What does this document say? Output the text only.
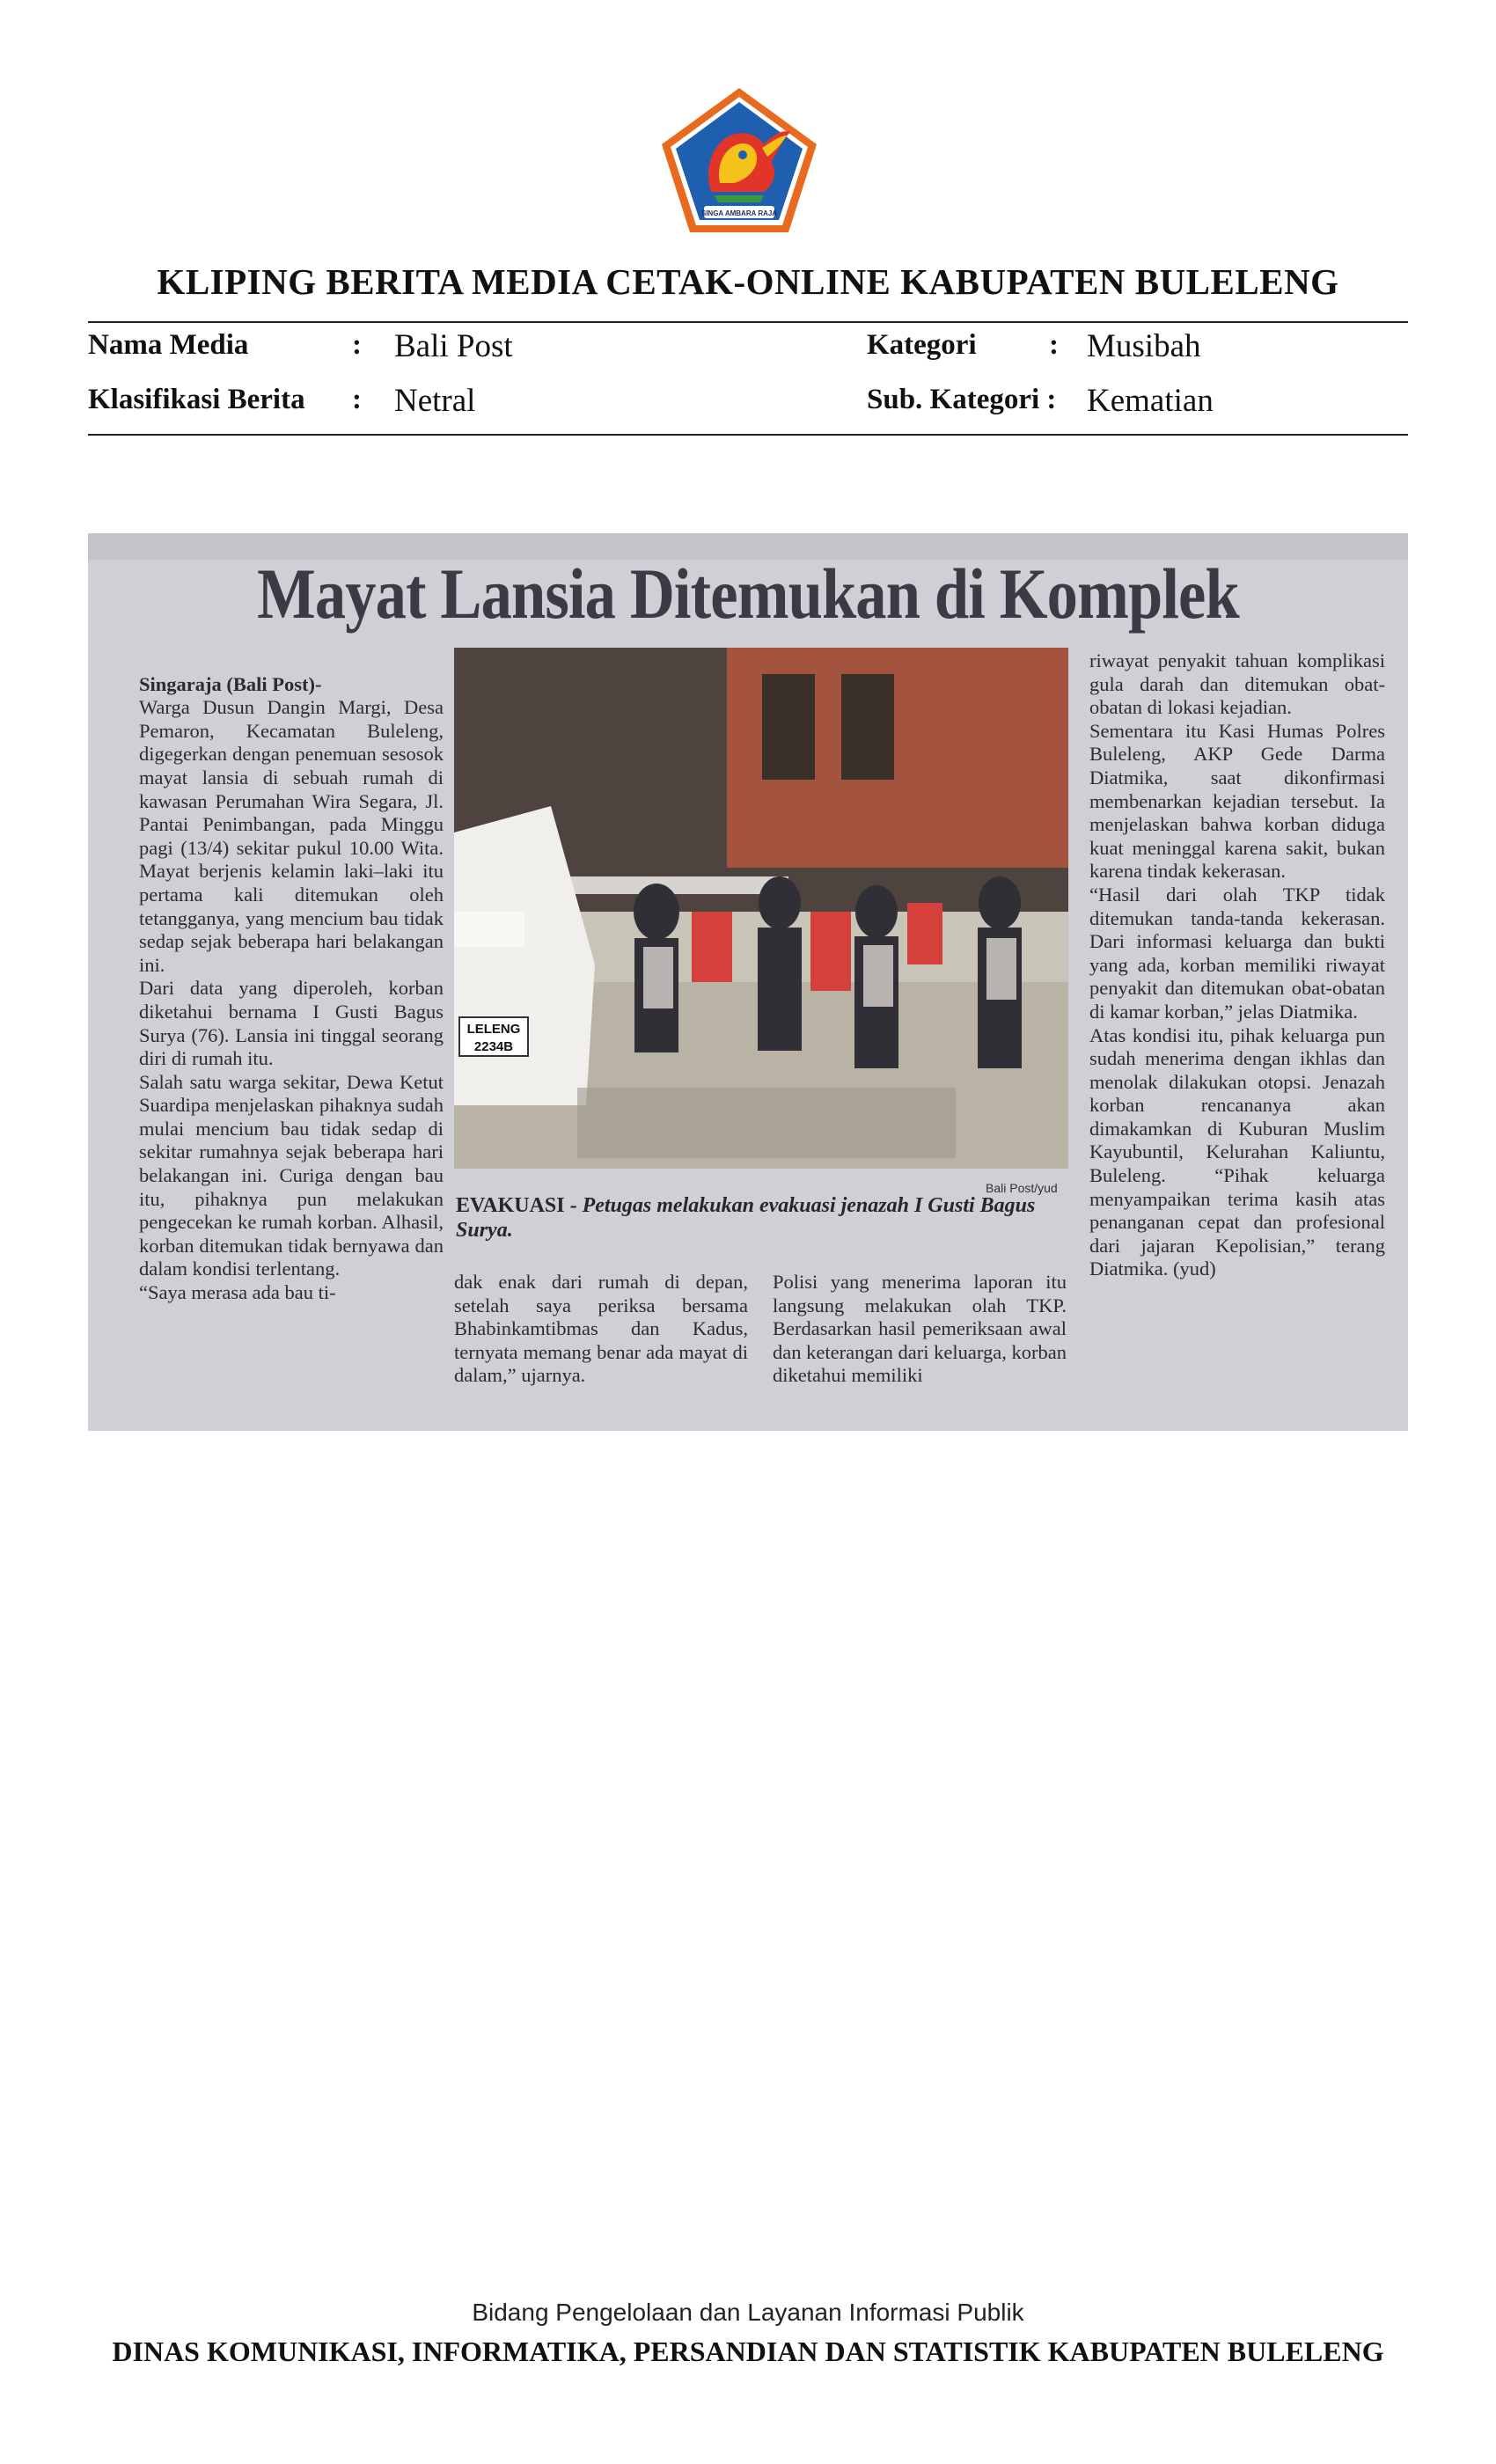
SINGA AMBARA RAJA
KLIPING BERITA MEDIA CETAK-ONLINE KABUPATEN BULELENG
Nama Media	: Bali Post	Kategori : Musibah
Klasifikasi Berita : Netral	Sub. Kategori : Kematian
Mayat Lansia Ditemukan di Komplek

Singaraja (Bali Post)-
Warga Dusun Dangin Margi, Desa Pemaron, Kecamatan Buleleng, digegerkan dengan penemuan sesosok mayat lansia di sebuah rumah di kawasan Perumahan Wira Segara, Jl. Pantai Penimbangan, pada Minggu pagi (13/4) sekitar pukul 10.00 Wita. Mayat berjenis kelamin laki–laki itu pertama kali ditemukan oleh tetangganya, yang mencium bau tidak sedap sejak beberapa hari belakangan ini.
Dari data yang diperoleh, korban diketahui bernama I Gusti Bagus Surya (76). Lansia ini tinggal seorang diri di rumah itu.
Salah satu warga sekitar, Dewa Ketut Suardipa menjelaskan pihaknya sudah mulai mencium bau tidak sedap di sekitar rumahnya sejak beberapa hari belakangan ini. Curiga dengan bau itu, pihaknya pun melakukan pengecekan ke rumah korban. Alhasil, korban ditemukan tidak bernyawa dan dalam kondisi terlentang.
“Saya merasa ada bau ti-

LELENG
2234B
Bali Post/yud
EVAKUASI - Petugas melakukan evakuasi jenazah I Gusti Bagus Surya.
dak enak dari rumah di depan, setelah saya periksa bersama Bhabinkamtibmas dan Kadus, ternyata memang benar ada mayat di dalam,” ujarnya.
Polisi yang menerima laporan itu langsung melakukan olah TKP. Berdasarkan hasil pemeriksaan awal dan keterangan dari keluarga, korban diketahui memiliki
riwayat penyakit tahuan komplikasi gula darah dan ditemukan obat-obatan di lokasi kejadian.
Sementara itu Kasi Humas Polres Buleleng, AKP Gede Darma Diatmika, saat dikonfirmasi membenarkan kejadian tersebut. Ia menjelaskan bahwa korban diduga kuat meninggal karena sakit, bukan karena tindak kekerasan.
“Hasil dari olah TKP tidak ditemukan tanda-tanda kekerasan. Dari informasi keluarga dan bukti yang ada, korban memiliki riwayat penyakit dan ditemukan obat-obatan di kamar korban,” jelas Diatmika.
Atas kondisi itu, pihak keluarga pun sudah menerima dengan ikhlas dan menolak dilakukan otopsi. Jenazah korban rencananya akan dimakamkan di Kuburan Muslim Kayubuntil, Kelurahan Kaliuntu, Buleleng. “Pihak keluarga menyampaikan terima kasih atas penanganan cepat dan profesional dari jajaran Kepolisian,” terang Diatmika. (yud)
Bidang Pengelolaan dan Layanan Informasi Publik
DINAS KOMUNIKASI, INFORMATIKA, PERSANDIAN DAN STATISTIK KABUPATEN BULELENG
